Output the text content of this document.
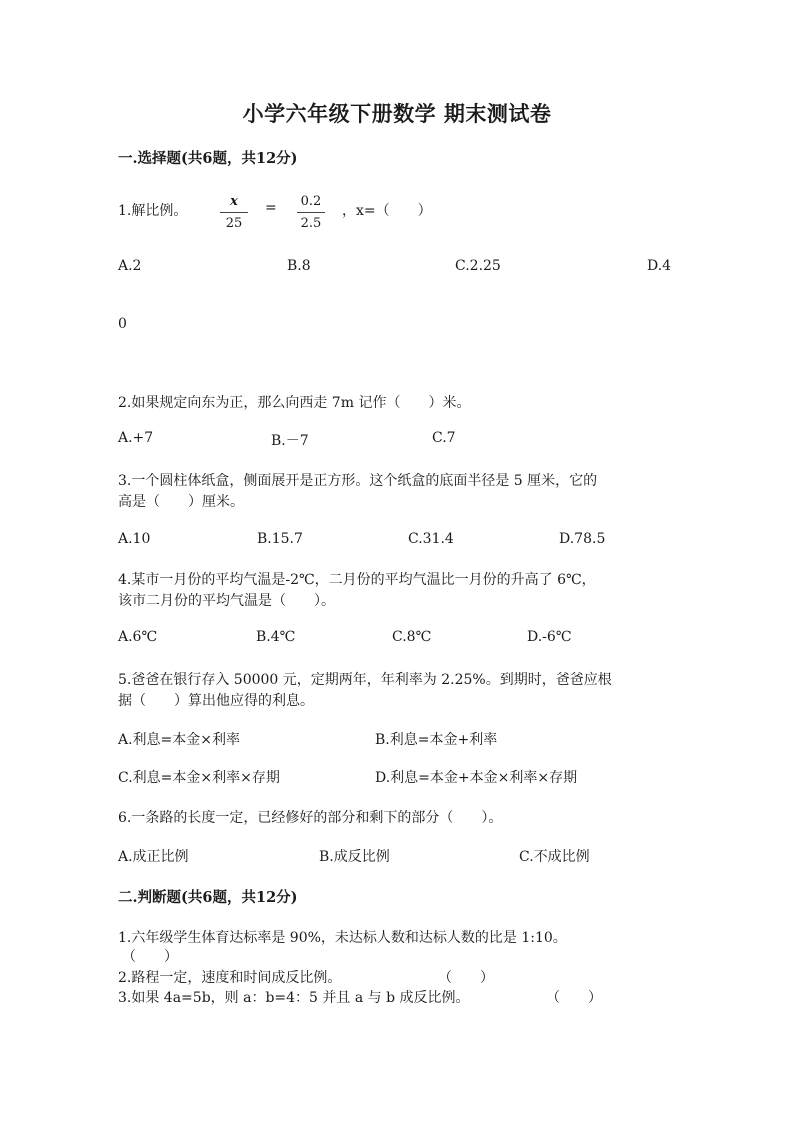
小学六年级下册数学 期末测试卷
一.选择题(共6题，共12分)
1.解比例。
x
25
=	0.2
2.5
，x=（　　）
A.2	B.8	C.2.25	D.4
0
2.如果规定向东为正，那么向西走 7m 记作（　　）米。
A.+7	B.－7	C.7
3.一个圆柱体纸盒，侧面展开是正方形。这个纸盒的底面半径是 5 厘米，它的
高是（　　）厘米。
A.10	B.15.7	C.31.4	D.78.5
4.某市一月份的平均气温是-2℃，二月份的平均气温比一月份的升高了 6℃，
该市二月份的平均气温是（　　）。
A.6℃	B.4℃	C.8℃	D.-6℃
5.爸爸在银行存入 50000 元，定期两年，年利率为 2.25%。到期时，爸爸应根
据（　　）算出他应得的利息。
A.利息=本金×利率	B.利息=本金+利率
C.利息=本金×利率×存期	D.利息=本金+本金×利率×存期
6.一条路的长度一定，已经修好的部分和剩下的部分（　　）。
A.成正比例	B.成反比例	C.不成比例
二.判断题(共6题，共12分)
1.六年级学生体育达标率是 90%，未达标人数和达标人数的比是 1:10。
（　　）
2.路程一定，速度和时间成反比例。	（　　）
3.如果 4a=5b，则 a：b=4：5 并且 a 与 b 成反比例。	（　　）
